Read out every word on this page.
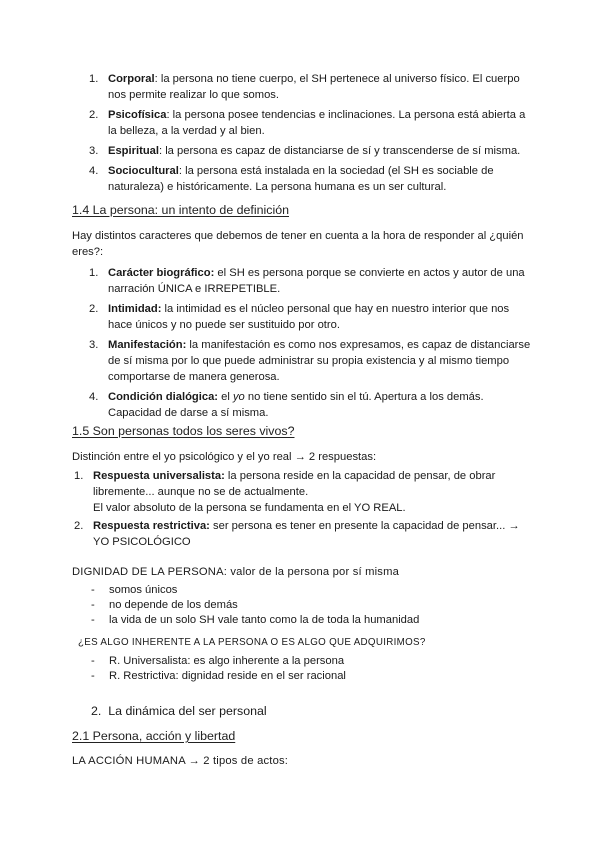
1. Corporal: la persona no tiene cuerpo, el SH pertenece al universo físico. El cuerpo
nos permite realizar lo que somos.
2. Psicofísica: la persona posee tendencias e inclinaciones. La persona está abierta a
la belleza, a la verdad y al bien.
3. Espiritual: la persona es capaz de distanciarse de sí y transcenderse de sí misma.
4. Sociocultural: la persona está instalada en la sociedad (el SH es sociable de
naturaleza) e históricamente. La persona humana es un ser cultural.
1.4 La persona: un intento de definición

Hay distintos caracteres que debemos de tener en cuenta a la hora de responder al ¿quién
eres?:

1. Carácter biográfico: el SH es persona porque se convierte en actos y autor de una
narración ÚNICA e IRREPETIBLE.
2. Intimidad: la intimidad es el núcleo personal que hay en nuestro interior que nos
hace únicos y no puede ser sustituido por otro.
3. Manifestación: la manifestación es como nos expresamos, es capaz de distanciarse
de sí misma por lo que puede administrar su propia existencia y al mismo tiempo
comportarse de manera generosa.
4. Condición dialógica: el yo no tiene sentido sin el tú. Apertura a los demás.
Capacidad de darse a sí misma.
1.5 Son personas todos los seres vivos?

Distinción entre el yo psicológico y el yo real → 2 respuestas:

1. Respuesta universalista: la persona reside en la capacidad de pensar, de obrar
libremente... aunque no se de actualmente.
El valor absoluto de la persona se fundamenta en el YO REAL.
2. Respuesta restrictiva: ser persona es tener en presente la capacidad de pensar... →
YO PSICOLÓGICO

DIGNIDAD DE LA PERSONA: valor de la persona por sí misma

- somos únicos
- no depende de los demás
- la vida de un solo SH vale tanto como la de toda la humanidad
¿ES ALGO INHERENTE A LA PERSONA O ES ALGO QUE ADQUIRIMOS?
- R. Universalista: es algo inherente a la persona
- R. Restrictiva: dignidad reside en el ser racional
2.  La dinámica del ser personal
2.1 Persona, acción y libertad

LA ACCIÓN HUMANA → 2 tipos de actos:
